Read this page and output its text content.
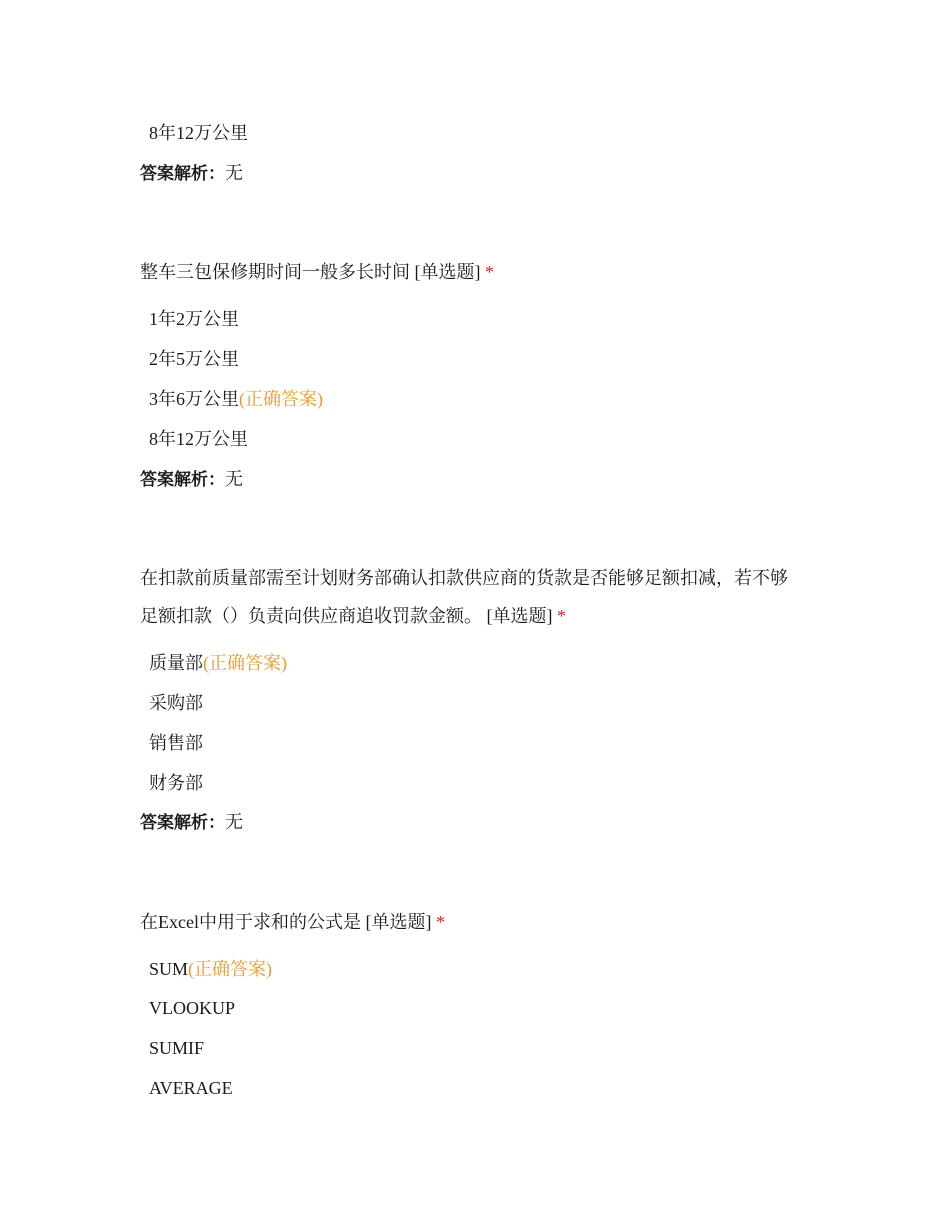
8年12万公里
答案解析：无
整车三包保修期时间一般多长时间 [单选题] *
1年2万公里
2年5万公里
3年6万公里(正确答案)
8年12万公里
答案解析：无
在扣款前质量部需至计划财务部确认扣款供应商的货款是否能够足额扣减，若不够
足额扣款（）负责向供应商追收罚款金额。 [单选题] *
质量部(正确答案)
采购部
销售部
财务部
答案解析：无
在Excel中用于求和的公式是 [单选题] *
SUM(正确答案)
VLOOKUP
SUMIF
AVERAGE
